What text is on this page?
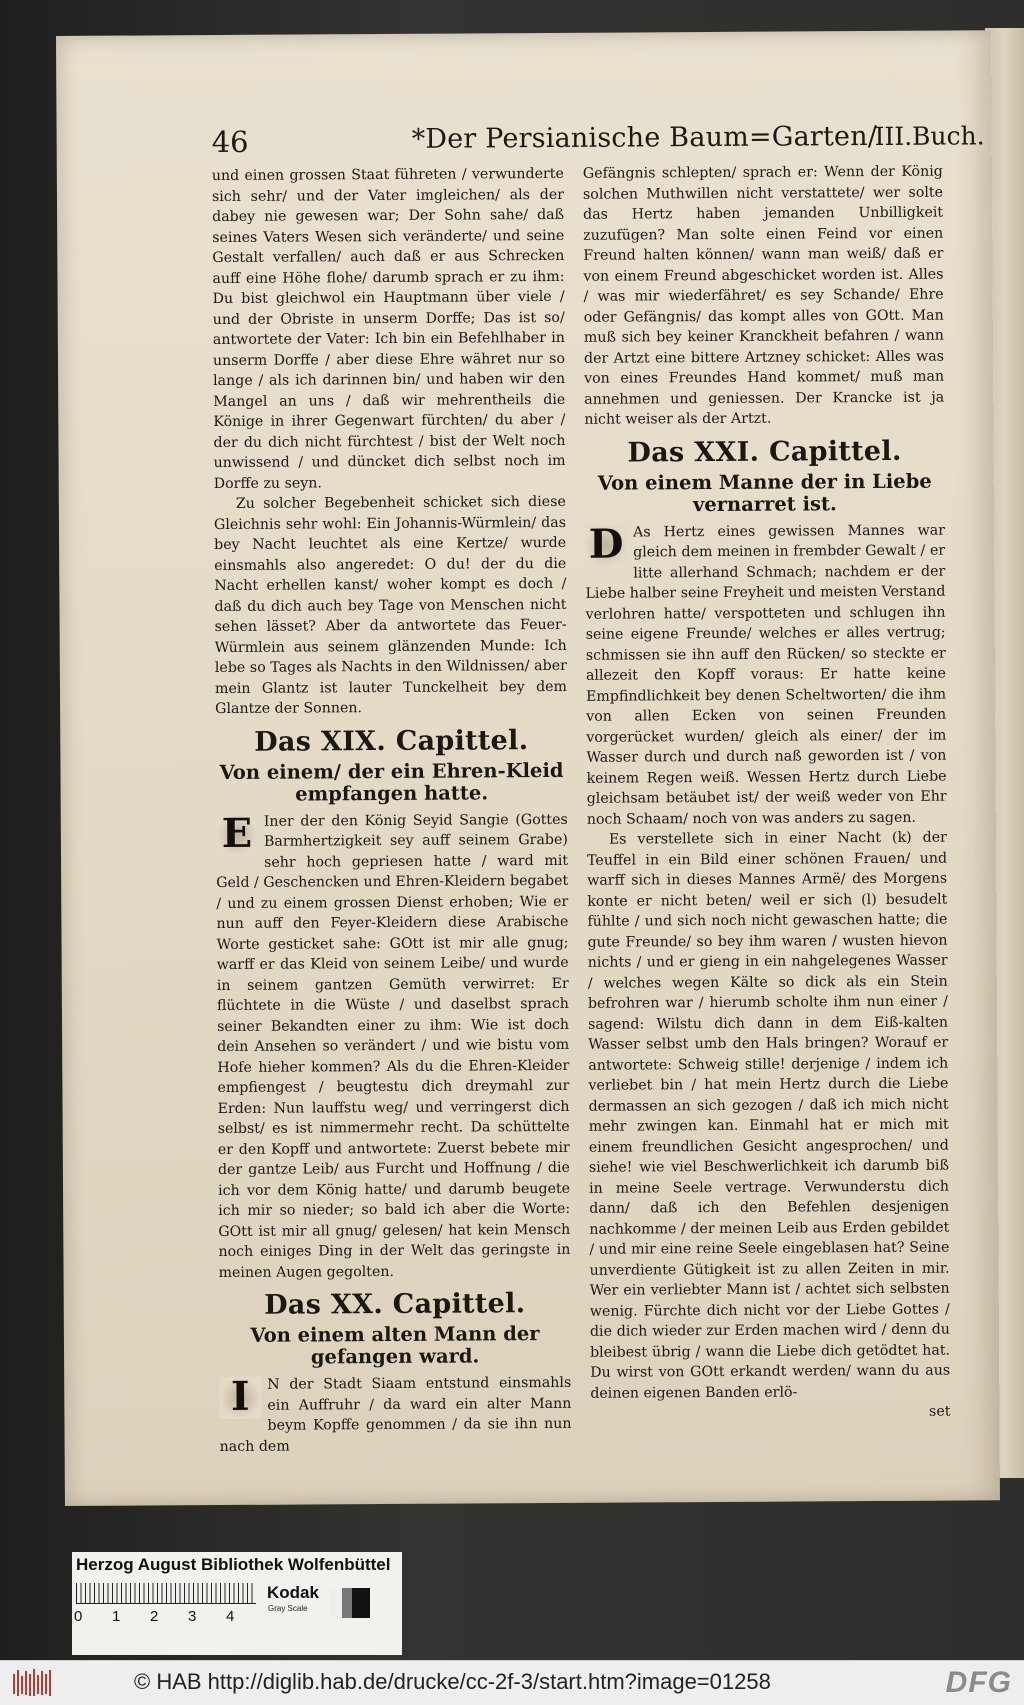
46	*Der Persianische Baum=Garten/
III.Buch.

und einen grossen Staat führeten / verwunderte sich sehr/ und der Vater imgleichen/ als der dabey nie gewesen war; Der Sohn sahe/ daß seines Vaters Wesen sich veränderte/ und seine Gestalt verfallen/ auch daß er aus Schrecken auff eine Höhe flohe/ darumb sprach er zu ihm: Du bist gleichwol ein Hauptmann über viele / und der Obriste in unserm Dorffe; Das ist so/ antwortete der Vater: Ich bin ein Befehlhaber in unserm Dorffe / aber diese Ehre währet nur so lange / als ich darinnen bin/ und haben wir den Mangel an uns / daß wir mehrentheils die Könige in ihrer Gegenwart fürchten/ du aber / der du dich nicht fürchtest / bist der Welt noch unwissend / und düncket dich selbst noch im Dorffe zu seyn.

Zu solcher Begebenheit schicket sich diese Gleichnis sehr wohl: Ein Johannis-Würmlein/ das bey Nacht leuchtet als eine Kertze/ wurde einsmahls also angeredet: O du! der du die Nacht erhellen kanst/ woher kompt es doch / daß du dich auch bey Tage von Menschen nicht sehen lässet? Aber da antwortete das Feuer-Würmlein aus seinem glänzenden Munde: Ich lebe so Tages als Nachts in den Wildnissen/ aber mein Glantz ist lauter Tunckelheit bey dem Glantze der Sonnen.

Das XIX. Capittel.
Von einem/ der ein Ehren-Kleid empfangen hatte.

E Iner der den König Seyid Sangie (Gottes Barmhertzigkeit sey auff seinem Grabe) sehr hoch gepriesen hatte / ward mit Geld / Geschencken und Ehren-Kleidern begabet / und zu einem grossen Dienst erhoben; Wie er nun auff den Feyer-Kleidern diese Arabische Worte gesticket sahe: GOtt ist mir alle gnug; warff er das Kleid von seinem Leibe/ und wurde in seinem gantzen Gemüth verwirret: Er flüchtete in die Wüste / und daselbst sprach seiner Bekandten einer zu ihm: Wie ist doch dein Ansehen so verändert / und wie bistu vom Hofe hieher kommen? Als du die Ehren-Kleider empfiengest / beugtestu dich dreymahl zur Erden: Nun lauffstu weg/ und verringerst dich selbst/ es ist nimmermehr recht. Da schüttelte er den Kopff und antwortete: Zuerst bebete mir der gantze Leib/ aus Furcht und Hoffnung / die ich vor dem König hatte/ und darumb beugete ich mir so nieder; so bald ich aber die Worte: GOtt ist mir all gnug/ gelesen/ hat kein Mensch noch einiges Ding in der Welt das geringste in meinen Augen gegolten.

Das XX. Capittel.
Von einem alten Mann der gefangen ward.

I	N der Stadt Siaam entstund einsmahls ein Auffruhr / da ward ein alter Mann beym Kopffe genommen / da sie ihn nun nach dem

Gefängnis schlepten/ sprach er: Wenn der König solchen Muthwillen nicht verstattete/ wer solte das Hertz haben jemanden Unbilligkeit zuzufügen? Man solte einen Feind vor einen Freund halten können/ wann man weiß/ daß er von einem Freund abgeschicket worden ist. Alles / was mir wiederfähret/ es sey Schande/ Ehre oder Gefängnis/ das kompt alles von GOtt. Man muß sich bey keiner Kranckheit befahren / wann der Artzt eine bittere Artzney schicket: Alles was von eines Freundes Hand kommet/ muß man annehmen und geniessen. Der Krancke ist ja nicht weiser als der Artzt.

Das XXI. Capittel.
Von einem Manne der in Liebe vernarret ist.

D As Hertz eines gewissen Mannes war gleich dem meinen in frembder Gewalt / er litte allerhand Schmach; nachdem er der Liebe halber seine Freyheit und meisten Verstand verlohren hatte/ verspotteten und schlugen ihn seine eigene Freunde/ welches er alles vertrug; schmissen sie ihn auff den Rücken/ so steckte er allezeit den Kopff voraus: Er hatte keine Empfindlichkeit bey denen Scheltworten/ die ihm von allen Ecken von seinen Freunden vorgerücket wurden/ gleich als einer/ der im Wasser durch und durch naß geworden ist / von keinem Regen weiß. Wessen Hertz durch Liebe gleichsam betäubet ist/ der weiß weder von Ehr noch Schaam/ noch von was anders zu sagen.

Es verstellete sich in einer Nacht (k) der Teuffel in ein Bild einer schönen Frauen/ und warff sich in dieses Mannes Armë/ des Morgens konte er nicht beten/ weil er sich (l) besudelt fühlte / und sich noch nicht gewaschen hatte; die gute Freunde/ so bey ihm waren / wusten hievon nichts / und er gieng in ein nahgelegenes Wasser / welches wegen Kälte so dick als ein Stein befrohren war / hierumb scholte ihm nun einer / sagend: Wilstu dich dann in dem Eiß-kalten Wasser selbst umb den Hals bringen? Worauf er antwortete: Schweig stille! derjenige / indem ich verliebet bin / hat mein Hertz durch die Liebe dermassen an sich gezogen / daß ich mich nicht mehr zwingen kan. Einmahl hat er mich mit einem freundlichen Gesicht angesprochen/ und siehe! wie viel Beschwerlichkeit ich darumb biß in meine Seele vertrage. Verwunderstu dich dann/ daß ich den Befehlen desjenigen nachkomme / der meinen Leib aus Erden gebildet / und mir eine reine Seele eingeblasen hat? Seine unverdiente Gütigkeit ist zu allen Zeiten in mir. Wer ein verliebter Mann ist / achtet sich selbsten wenig. Fürchte dich nicht vor der Liebe Gottes / die dich wieder zur Erden machen wird / denn du bleibest übrig / wann die Liebe dich getödtet hat. Du wirst von GOtt erkandt werden/ wann du aus deinen eigenen Banden erlö-

set

Herzog August Bibliothek Wolfenbüttel
0 1 2 3 4
Kodak
Gray Scale
© HAB http://diglib.hab.de/drucke/cc-2f-3/start.htm?image=01258	DFG
